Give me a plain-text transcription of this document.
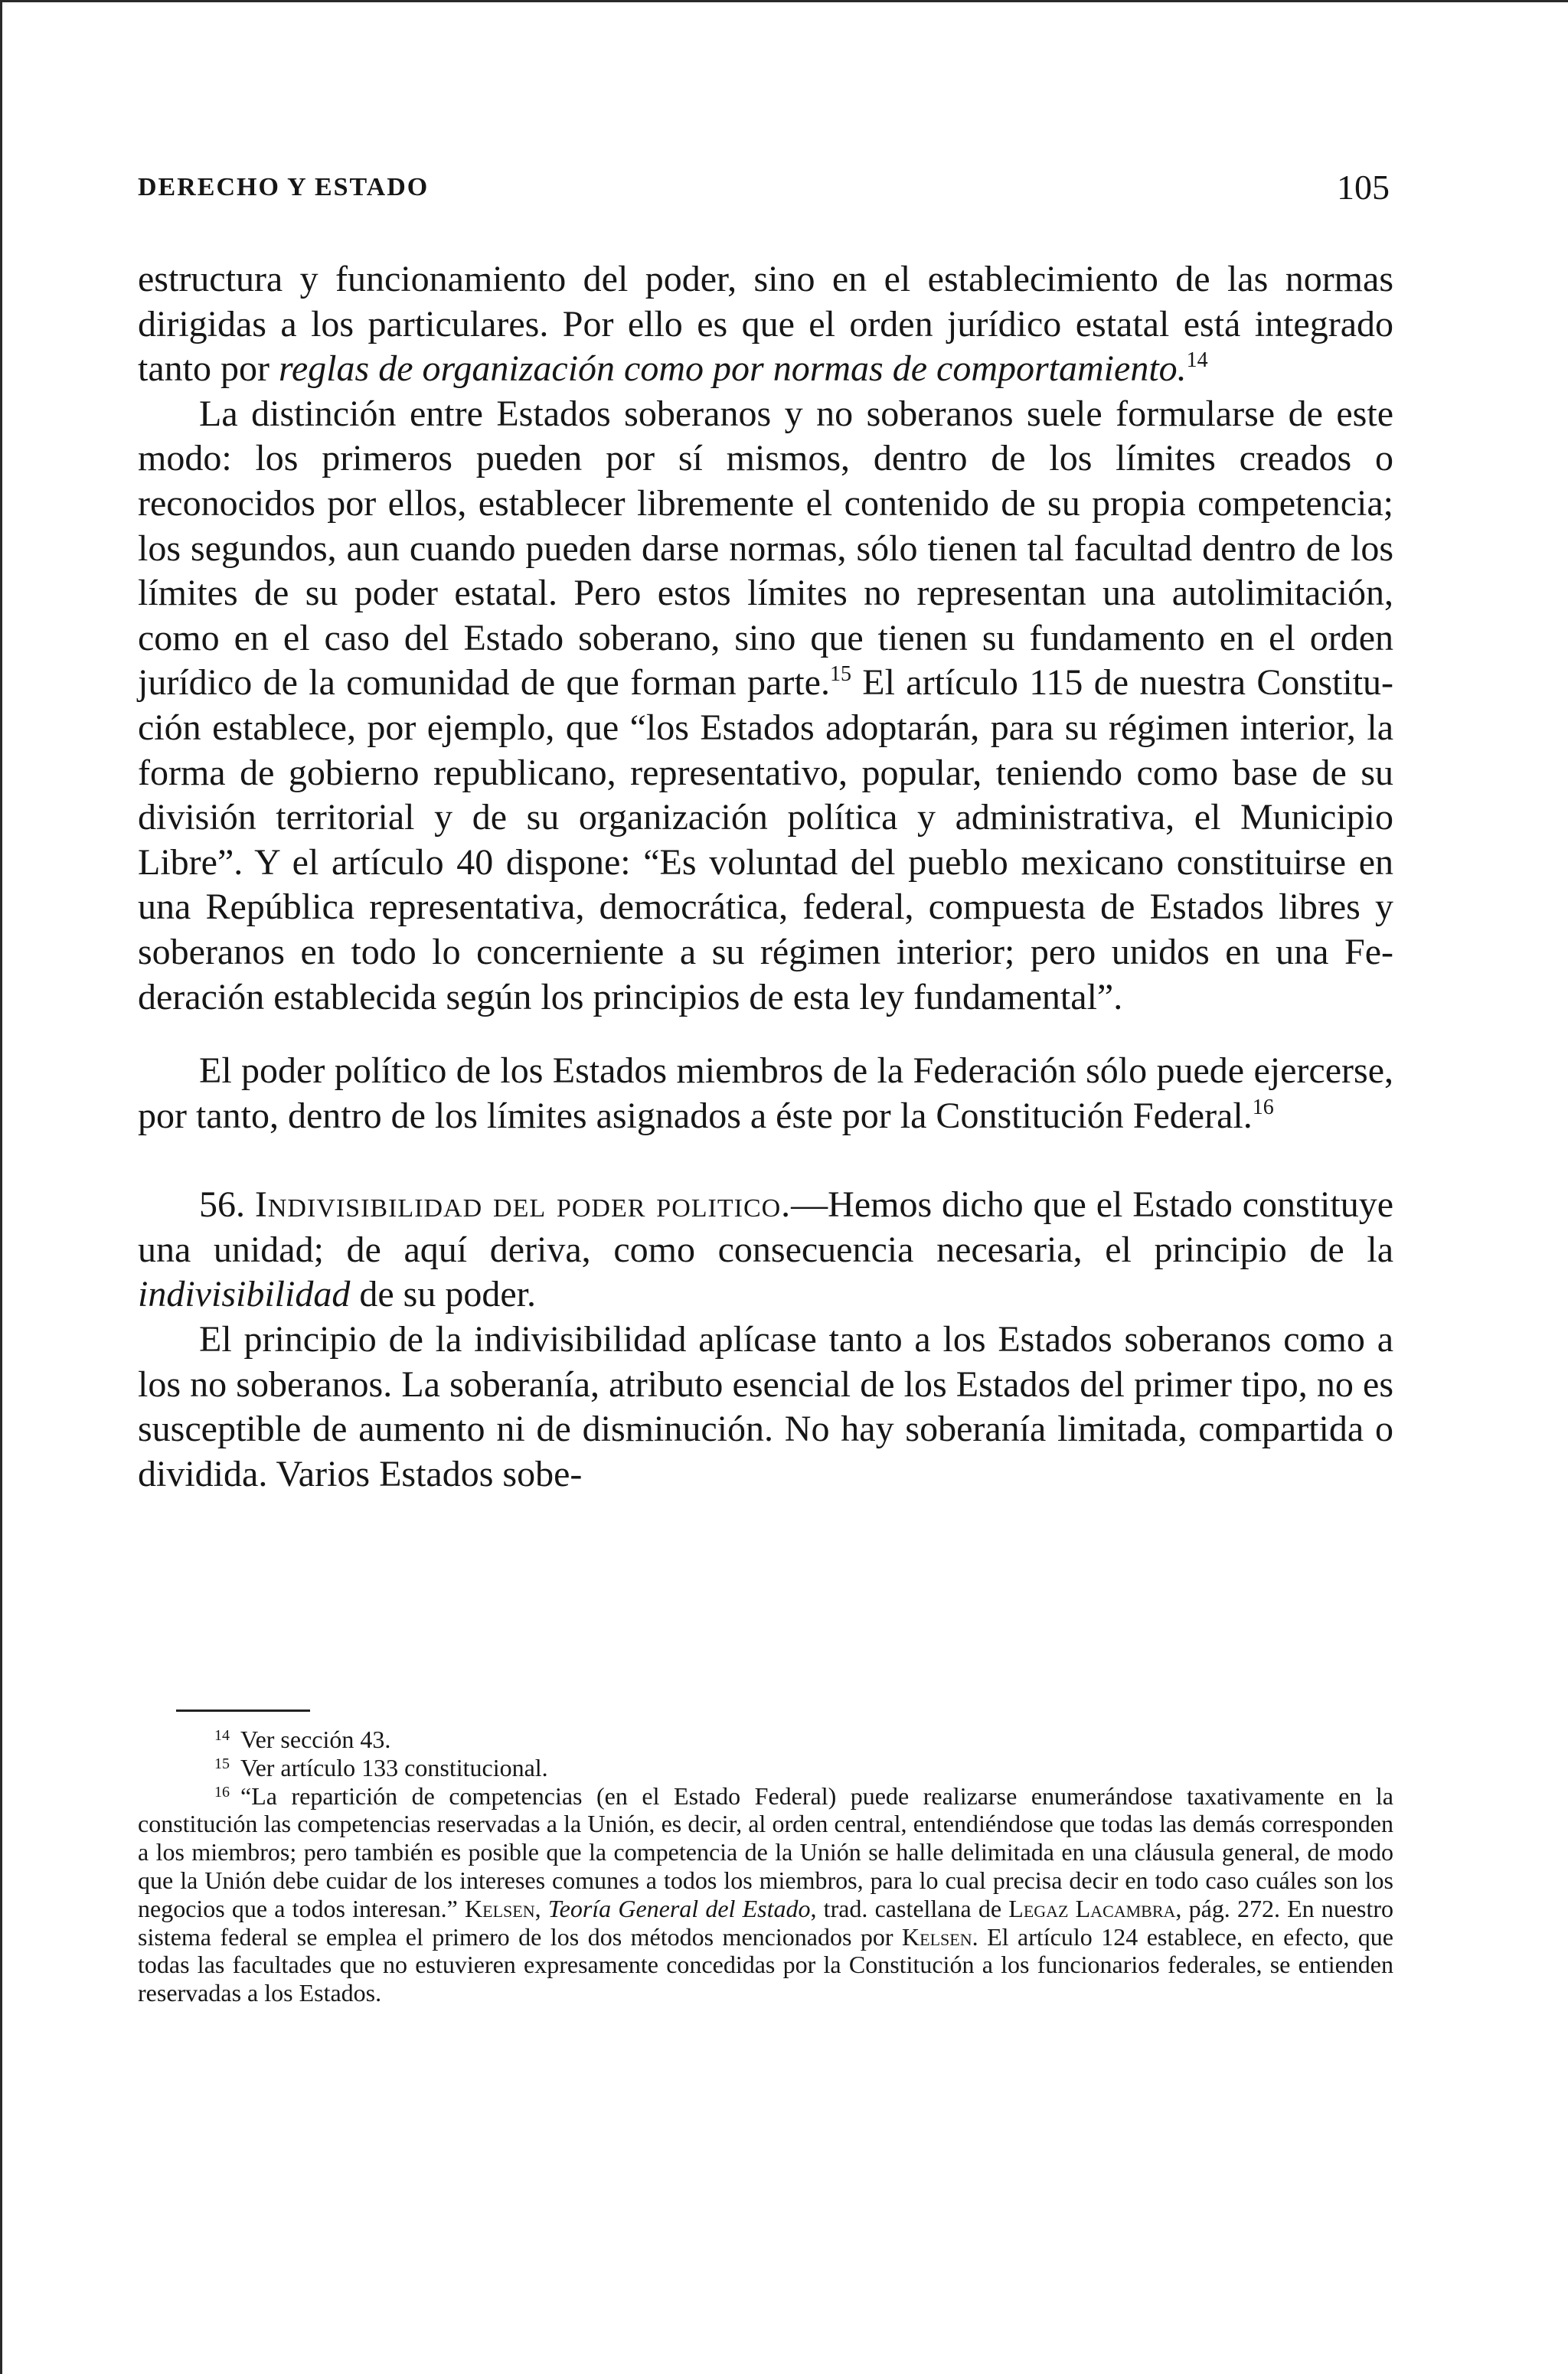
DERECHO Y ESTADO	105

estructura y funcionamiento del poder, sino en el establecimiento de las normas dirigidas a los particulares. Por ello es que el orden jurídico estatal está integrado tanto por reglas de organización como por normas de comportamiento.$^{14}$

La distinción entre Estados soberanos y no soberanos suele formularse de este modo: los primeros pueden por sí mismos, dentro de los límites creados o reconocidos por ellos, establecer libremente el contenido de su propia competencia; los segundos, aun cuando pueden darse normas, sólo tienen tal facultad dentro de los límites de su poder estatal. Pero estos límites no representan una autolimitación, como en el caso del Estado soberano, sino que tienen su fundamento en el orden jurídico de la comunidad de que forman parte.$^{15}$ El artículo 115 de nuestra Constitución establece, por ejemplo, que “los Estados adoptarán, para su régimen interior, la forma de gobierno republicano, representativo, popular, teniendo como base de su división territorial y de su organización política y administrativa, el Municipio Libre”. Y el artículo 40 dispone: “Es voluntad del pueblo mexicano constituirse en una República representativa, democrática, federal, compuesta de Estados libres y soberanos en todo lo concerniente a su régimen interior; pero unidos en una Federación establecida según los principios de esta ley fundamental”.

El poder político de los Estados miembros de la Federación sólo puede ejercerse, por tanto, dentro de los límites asignados a éste por la Constitución Federal.$^{16}$

56. Indivisibilidad del poder politico.—Hemos dicho que el Estado constituye una unidad; de aquí deriva, como consecuencia necesaria, el principio de la indivisibilidad de su poder.

El principio de la indivisibilidad aplícase tanto a los Estados soberanos como a los no soberanos. La soberanía, atributo esencial de los Estados del primer tipo, no es susceptible de aumento ni de disminución. No hay soberanía limitada, compartida o dividida. Varios Estados sobe-

$^{14}$ Ver sección 43.

$^{15}$ Ver artículo 133 constitucional.

$^{16}$ “La repartición de competencias (en el Estado Federal) puede realizarse enumerándose taxativamente en la constitución las competencias reservadas a la Unión, es decir, al orden central, entendiéndose que todas las demás corresponden a los miembros; pero también es posible que la competencia de la Unión se halle delimitada en una cláusula general, de modo que la Unión debe cuidar de los intereses comunes a todos los miembros, para lo cual precisa decir en todo caso cuáles son los negocios que a todos interesan.” Kelsen, Teoría General del Estado, trad. castellana de Legaz Lacambra, pág. 272. En nuestro sistema federal se emplea el primero de los dos métodos mencionados por Kelsen. El artículo 124 establece, en efecto, que todas las facultades que no estuvieren expresamente concedidas por la Constitución a los funcionarios federales, se entienden reservadas a los Estados.
